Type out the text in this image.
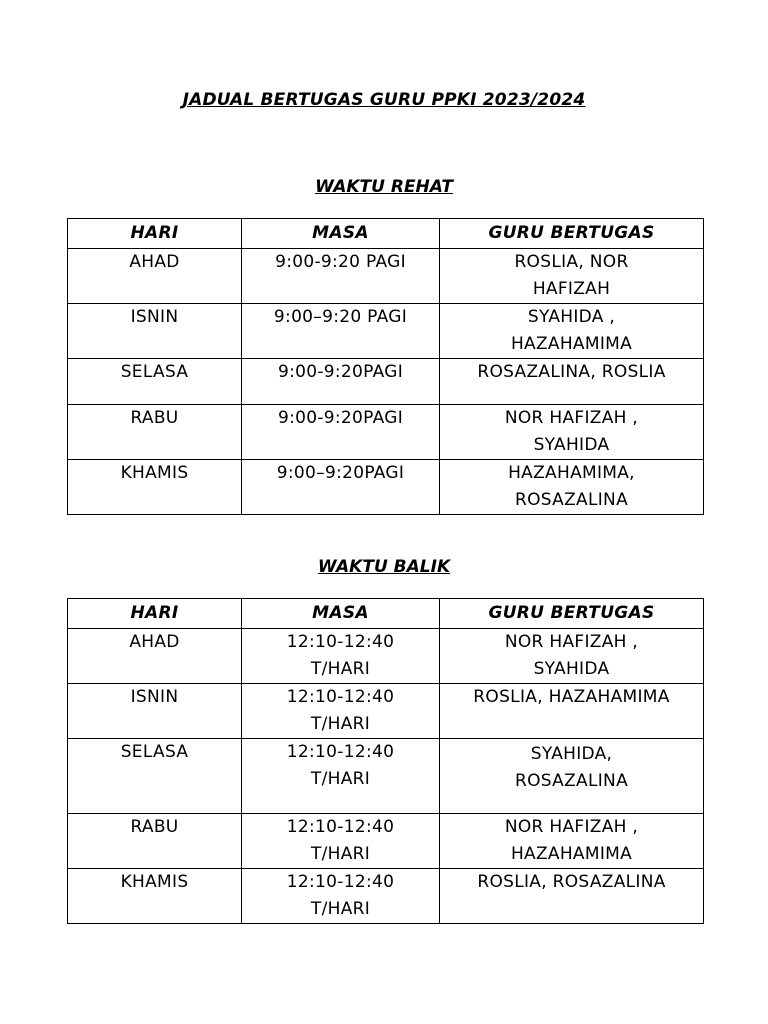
JADUAL BERTUGAS GURU PPKI 2023/2024
WAKTU REHAT
HARI	MASA	GURU BERTUGAS
AHAD	9:00-9:20 PAGI	ROSLIA, NOR
HAFIZAH

ISNIN	9:00–9:20 PAGI	SYAHIDA ,
HAZAHAMIMA

SELASA	9:00-9:20PAGI	ROSAZALINA, ROSLIA

RABU	9:00-9:20PAGI	NOR HAFIZAH ,
SYAHIDA

KHAMIS	9:00–9:20PAGI	HAZAHAMIMA,
ROSAZALINA
WAKTU BALIK
HARI	MASA	GURU BERTUGAS
AHAD	12:10-12:40
T/HARI	NOR HAFIZAH ,
SYAHIDA

ISNIN	12:10-12:40
T/HARI	ROSLIA, HAZAHAMIMA

SELASA	12:10-12:40
T/HARI	SYAHIDA,
ROSAZALINA

RABU	12:10-12:40
T/HARI	NOR HAFIZAH ,
HAZAHAMIMA

KHAMIS	12:10-12:40
T/HARI	ROSLIA, ROSAZALINA
